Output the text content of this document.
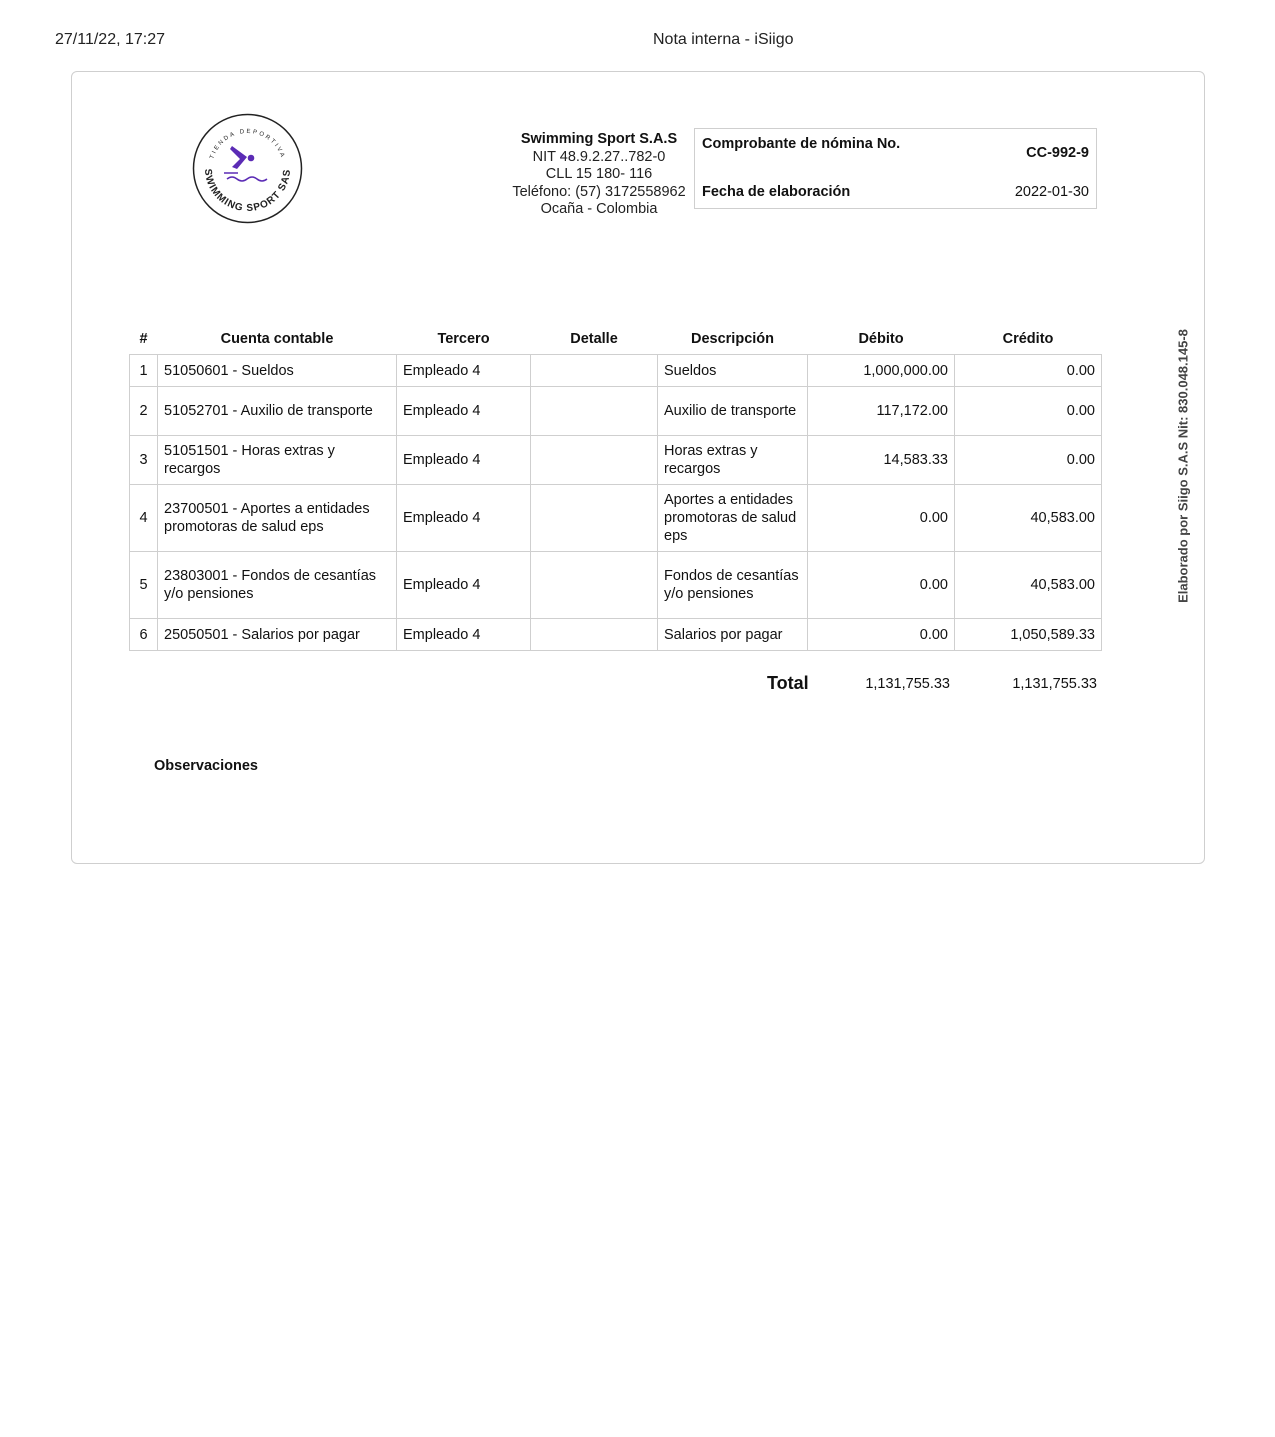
27/11/22, 17:27	Nota interna - iSiigo
TIENDA DEPORTIVA
SWIMMING SPORT SAS
Swimming Sport S.A.S
NIT 48.9.2.27..782-0
CLL 15 180- 116
Teléfono: (57) 3172558962
Ocaña - Colombia
Comprobante de nómina No.
CC-992-9
Fecha de elaboración	2022-01-30
#	Cuenta contable	Tercero	Detalle	Descripción	Débito	Crédito
1	51050601 - Sueldos	Empleado 4		Sueldos	1,000,000.00	0.00
2	51052701 - Auxilio de transporte	Empleado 4		Auxilio de transporte	117,172.00	0.00
3	51051501 - Horas extras y recargos	Empleado 4		Horas extras y recargos	14,583.33	0.00
4	23700501 - Aportes a entidades promotoras de salud eps	Empleado 4		Aportes a entidades promotoras de salud eps	0.00	40,583.00
5	23803001 - Fondos de cesantías y/o pensiones	Empleado 4		Fondos de cesantías y/o pensiones	0.00	40,583.00
6	25050501 - Salarios por pagar	Empleado 4		Salarios por pagar	0.00	1,050,589.33
Total	1,131,755.33	1,131,755.33
Observaciones
Elaborado por Siigo S.A.S Nit: 830.048.145-8
